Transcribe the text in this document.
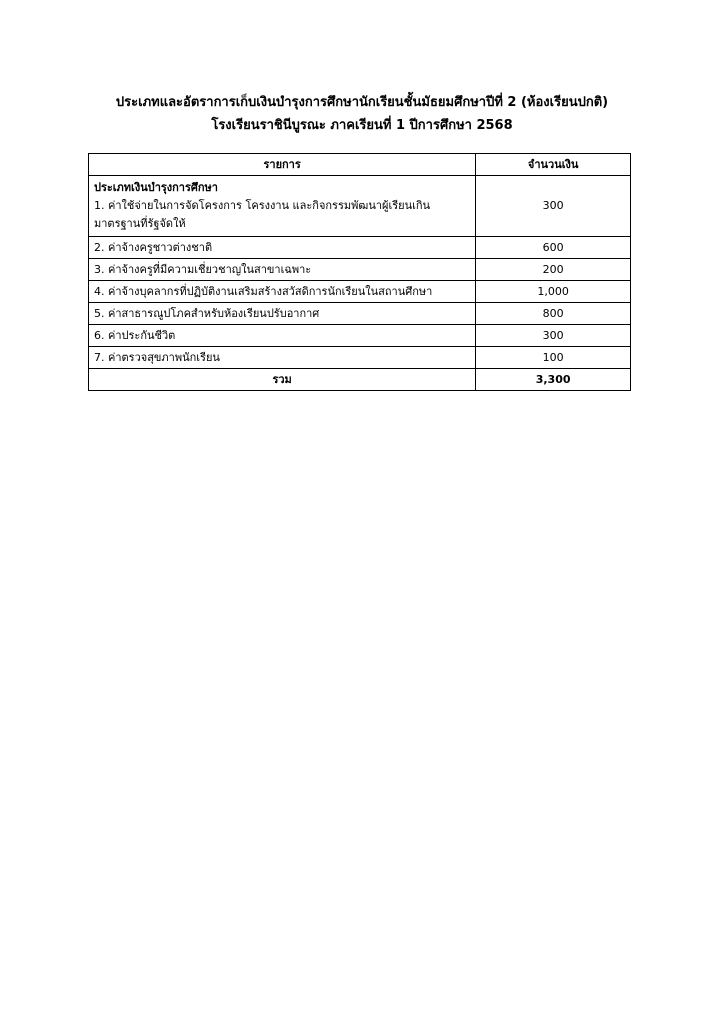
ประเภทและอัตราการเก็บเงินบำรุงการศึกษานักเรียนชั้นมัธยมศึกษาปีที่ 2 (ห้องเรียนปกติ)
โรงเรียนราชินีบูรณะ ภาคเรียนที่ 1 ปีการศึกษา 2568
รายการ	จำนวนเงิน

ประเภทเงินบำรุงการศึกษา
1. ค่าใช้จ่ายในการจัดโครงการ โครงงาน และกิจกรรมพัฒนาผู้เรียนเกิน
มาตรฐานที่รัฐจัดให้	300
2. ค่าจ้างครูชาวต่างชาติ	600
3. ค่าจ้างครูที่มีความเชี่ยวชาญในสาขาเฉพาะ	200
4. ค่าจ้างบุคลากรที่ปฏิบัติงานเสริมสร้างสวัสดิการนักเรียนในสถานศึกษา	1,000
5. ค่าสาธารณูปโภคสำหรับห้องเรียนปรับอากาศ	800
6. ค่าประกันชีวิต	300
7. ค่าตรวจสุขภาพนักเรียน	100
รวม	3,300
